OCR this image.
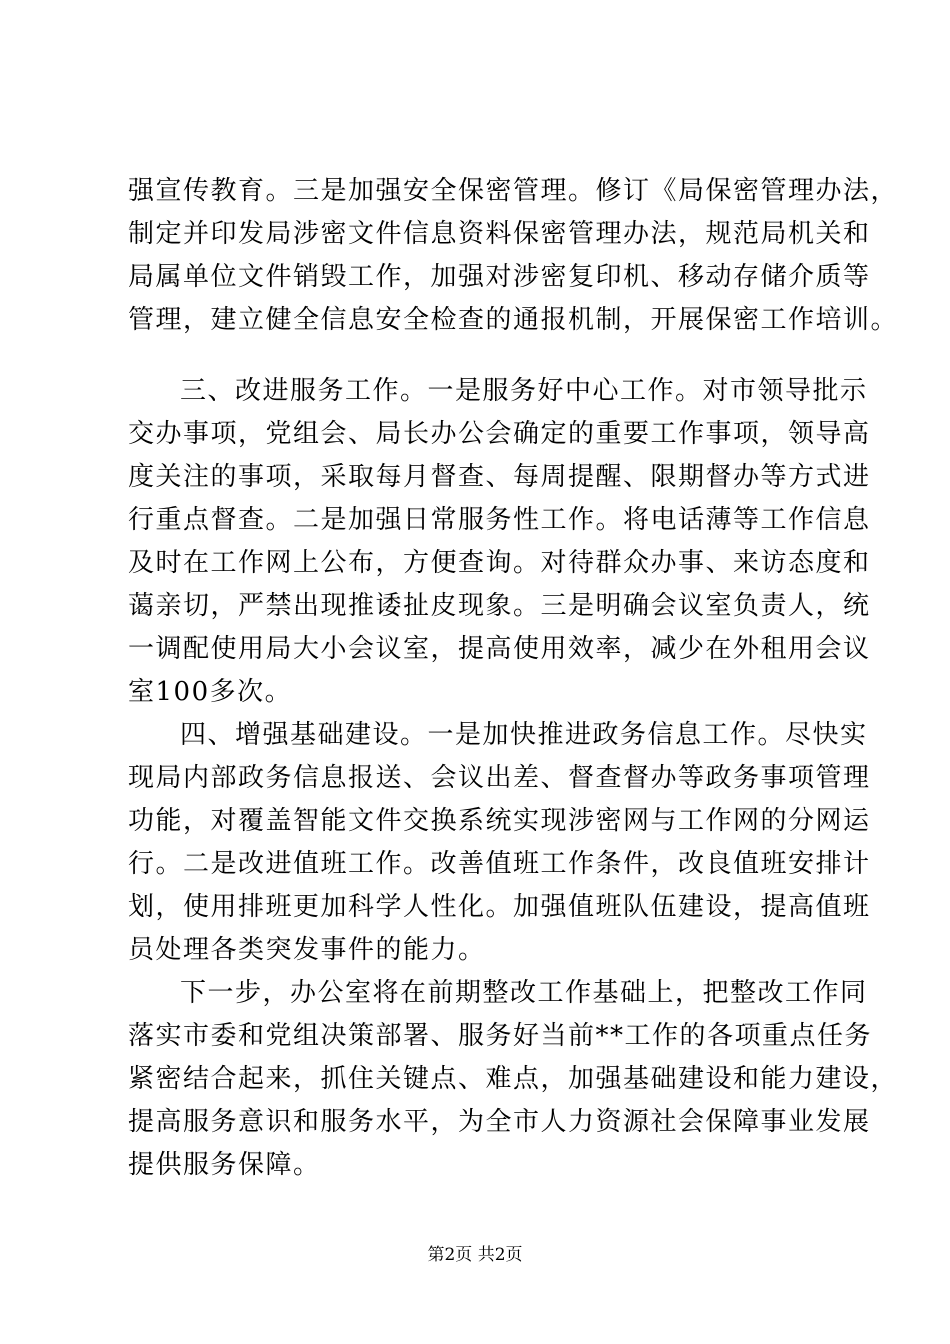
强宣传教育。三是加强安全保密管理。修订《局保密管理办法，
制定并印发局涉密文件信息资料保密管理办法，规范局机关和
局属单位文件销毁工作，加强对涉密复印机、移动存储介质等
管理，建立健全信息安全检查的通报机制，开展保密工作培训。
三、改进服务工作。一是服务好中心工作。对市领导批示
交办事项，党组会、局长办公会确定的重要工作事项，领导高
度关注的事项，采取每月督查、每周提醒、限期督办等方式进
行重点督查。二是加强日常服务性工作。将电话薄等工作信息
及时在工作网上公布，方便查询。对待群众办事、来访态度和
蔼亲切，严禁出现推诿扯皮现象。三是明确会议室负责人，统
一调配使用局大小会议室，提高使用效率，减少在外租用会议
室100多次。
四、增强基础建设。一是加快推进政务信息工作。尽快实
现局内部政务信息报送、会议出差、督查督办等政务事项管理
功能，对覆盖智能文件交换系统实现涉密网与工作网的分网运
行。二是改进值班工作。改善值班工作条件，改良值班安排计
划，使用排班更加科学人性化。加强值班队伍建设，提高值班
员处理各类突发事件的能力。
下一步，办公室将在前期整改工作基础上，把整改工作同
落实市委和党组决策部署、服务好当前**工作的各项重点任务
紧密结合起来，抓住关键点、难点，加强基础建设和能力建设，
提高服务意识和服务水平，为全市人力资源社会保障事业发展
提供服务保障。
第2页 共2页
